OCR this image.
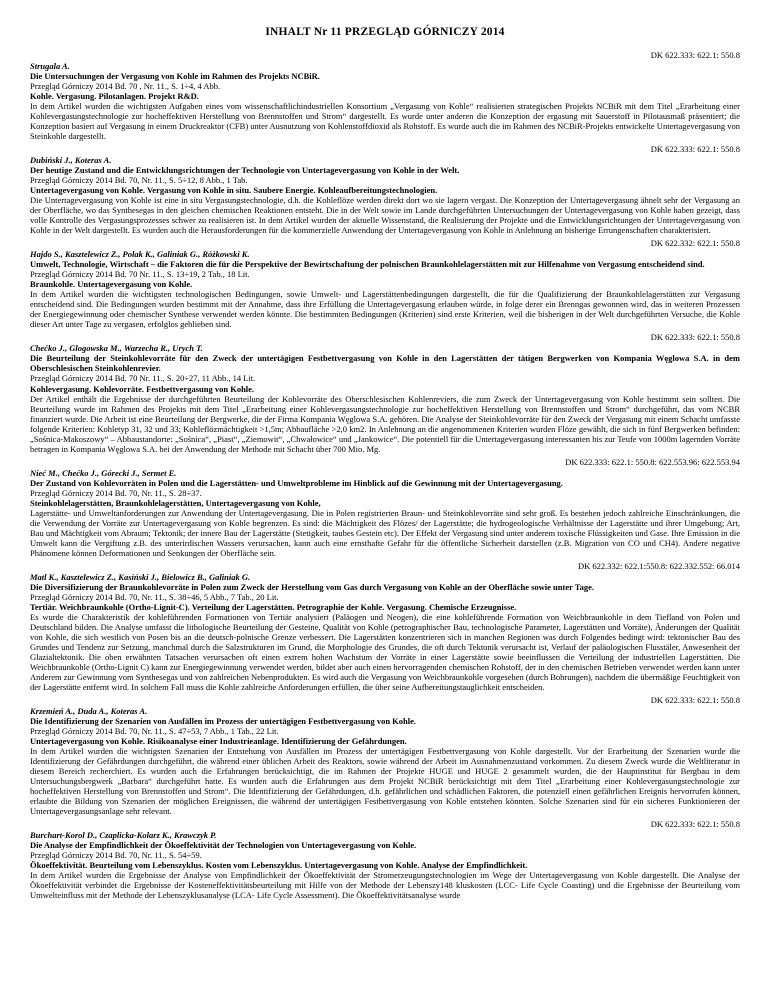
INHALT Nr 11 PRZEGLĄD GÓRNICZY 2014
DK 622.333: 622.1: 550.8
Strugala A.
Die Untersuchungen der Vergasung von Kohle im Rahmen des Projekts NCBiR.
Przegląd Górniczy 2014 Bd. 70 , Nr. 11., S. 1÷4, 4 Abb.
Kohle. Vergasung. Pilotanlagen. Projekt R&D.
In dem Artikel wurden die wichtigsten Aufgaben eines vom wissenschaftlichindustriellen Konsortium „Vergasung von Kohle“ realisierten strategischen Projekts NCBiR mit dem Titel „Erarbeitung einer Kohlevergasungstechnologie zur hocheffektiven Herstellung von Brennstoffen und Strom“ dargestellt. Es wurde unter anderen die Konzeption der ergasung mit Sauerstoff in Pilotausmaß präsentiert; die Konzeption basiert auf Vergasung in einem Druckreaktor (CFB) unter Ausnutzung von Kohlenstoffdioxid als Rohstoff. Es wurde auch die im Rahmen des NCBiR-Projekts entwickelte Untertagevergasung von Steinkohle dargestellt.
DK 622.333: 622.1: 550.8
Dubiński J., Koteras A.
Der heutige Zustand und die Entwicklungsrichtungen der Technologie von Untertagevergasung von Kohle in der Welt.
Przegląd Górniczy 2014 Bd. 70, Nr. 11., S. 5÷12, 8 Abb., 1 Tab.
Untertagevergasung von Kohle. Vergasung von Kohle in situ. Saubere Energie. Kohleaufbereitungstechnologien.
Die Untertagevergasung von Kohle ist eine in situ Vergasungstechnologie, d.h. die Kohleflöze werden direkt dort wo sie lagern vergast. Die Konzeption der Untertagevergasung ähnelt sehr der Vergasung an der Oberfläche, wo das Synthesegas in den gleichen chemischen Reaktionen entsteht. Die in der Welt sowie im Lande durchgeführten Untersuchungen der Untertagevergasung von Kohle haben gezeigt, dass volle Kontrolle des Vergasungsprozesses schwer zu realisieren ist. In dem Artikel wurden der aktuelle Wissenstand, die Realisierung der Projekte und die Entwicklungsrichtungen der Untertagevergasung von Kohle in der Welt dargestellt. Es wurden auch die Herausforderungen für die kommerzielle Anwendung der Untertagevergasung von Kohle in Anlehnung an bisherige Errungenschaften charakterisiert.
DK 622.332: 622.1: 550.8
Hajdo S., Kasztelewicz Z., Polak K., Galiniak G., Różkowski K.
Umwelt, Technologie, Wirtschaft – die Faktoren die für die Perspektive der Bewirtschaftung der polnischen Braunkohlelagerstätten mit zur Hilfenahme von Vergasung entscheidend sind.
Przegląd Górniczy 2014 Bd. 70 Nr. 11., S. 13÷19, 2 Tab., 18 Lit.
Braunkohle. Untertagevergasung von Kohle.
In dem Artikel wurden die wichtigsten technologischen Bedingungen, sowie Umwelt- und Lagerstättenbedingungen dargestellt, die für die Qualifizierung der Braunkohlelagerstätten zur Vergasung entscheidend sind. Die Bedingungen wurden bestimmt mit der Annahme, dass ihre Erfüllung die Untertagevergasung erlauben würde, in folge derer ein Brenngas gewonnen wird, das in weiteren Prozessen der Energiegewinnung oder chemischer Synthese verwendet werden könnte. Die bestimmten Bedingungen (Kriterien) sind erste Kriterien, weil die bisherigen in der Welt durchgeführten Versuche, die Kohle dieser Art unter Tage zu vergasen, erfolglos geblieben sind.
DK 622.333: 622.1: 550.8
Chećko J., Glogowska M., Warzecha R., Urych T.
Die Beurteilung der Steinkohlevorräte für den Zweck der untertägigen Festbettvergasung von Kohle in den Lagerstätten der tätigen Bergwerken von Kompania Węglowa S.A. in dem Oberschlesischen Steinkohlenrevier.
Przegląd Górniczy 2014 Bd. 70 Nr. 11., S. 20÷27, 11 Abb., 14 Lit.
Kohlevergasung. Kohlevorräte. Festbettvergasung von Kohle.
Der Artikel enthält die Ergebnisse der durchgeführten Beurteilung der Kohlevorräte des Oberschlesischen Kohlenreviers, die zum Zweck der Untertagevergasung von Kohle bestimmt sein sollten. Die Beurteilung wurde im Rahmen des Projekts mit dem Titel „Erarbeitung einer Kohlevergasungstechnologie zur hocheffektiven Herstellung von Brennstoffen und Strom“ durchgeführt, das vom NCBR finanziert wurde. Die Arbeit ist eine Beurteilung der Bergwerke, die der Firma Kompania Węglowa S.A. gehören. Die Analyse der Steinkohlevorräte für den Zweck der Vergasung mit einem Schacht umfasste folgende Kriterien: Kohletyp 31, 32 und 33; Kohleflözmächtigkeit >1,5m; Abbaufläche >2,0 km2. In Anlehnung an die angenommenen Kriterien wurden Flöze gewählt, die sich in fünf Bergwerken befinden: „Sośnica-Makoszowy“ – Abbaustandorte: „Sośnica“, „Piast“, „Ziemowit“, „Chwałowice“ und „Jankowice“. Die potentiell für die Untertagevergasung interessanten bis zur Teufe von 1000m lagernden Vorräte betragen in Kompania Węglowa S.A. bei der Anwendung der Methode mit Schacht über 700 Mio. Mg.
DK 622.333: 622.1: 550.8: 622.553.96: 622.553.94
Nieć M., Chećko J., Górecki J., Sermet E.
Der Zustand von Kohlevorräten in Polen und die Lagerstätten- und Umweltprobleme im Hinblick auf die Gewinnung mit der Untertagevergasung.
Przegląd Górniczy 2014 Bd. 70, Nr. 11., S. 28÷37.
Steinkohlelagerstätten, Braunkohlelagerstätten, Untertagevergasung von Kohle,
Lagerstätte- und Umweltanforderungen zur Anwendung der Untertagevergasung. Die in Polen registrierten Braun- und Steinkohlevorräte sind sehr groß. Es bestehen jedoch zahlreiche Einschränkungen, die die Verwendung der Vorräte zur Untertagevergasung von Kohle begrenzen. Es sind: die Mächtigkeit des Flözes/ der Lagerstätte; die hydrogeologische Verhältnisse der Lagerstätte und ihrer Umgebung; Art, Bau und Mächtigkeit vom Abraum; Tektonik; der innere Bau der Lagerstätte (Stetigkeit, taubes Gestein etc). Der Effekt der Vergasung sind unter anderem toxische Flüssigkeiten und Gase. Ihre Emission in die Umwelt kann die Vergiftung z.B. des unterirdischen Wassers verursachen, kann auch eine ernsthafte Gefahr für die öffentliche Sicherheit darstellen (z.B. Migration von CO und CH4). Andere negative Phänomene können Deformationen und Senkungen der Oberfläche sein.
DK 622.332: 622.1:550.8: 622.332.552: 66.014
Matl K., Kasztelewicz Z., Kasiński J., Bielowicz B., Galiniak G.
Die Diversifizierung der Braunkohlevorräte in Polen zum Zweck der Herstellung vom Gas durch Vergasung von Kohle an der Oberfläche sowie unter Tage.
Przegląd Górniczy 2014 Bd. 70, Nr. 11., S. 38÷46, 5 Abb., 7 Tab., 20 Lit.
Tertiär. Weichbraunkohle (Ortho-Lignit-C). Verteilung der Lagerstätten. Petrographie der Kohle. Vergasung. Chemische Erzeugnisse.
Es wurde die Charakteristik der kohleführenden Formationen von Tertiär analysiert (Paläogen und Neogen), die eine kohleführende Formation von Weichbraunkohle in dem Tiefland von Polen und Deutschland bilden. Die Analyse umfasst die lithologische Beurteilung der Gesteine, Qualität von Kohle (petrographischer Bau, technologische Parameter, Lagerstätten und Vorräte), Änderungen der Qualität von Kohle, die sich westlich von Posen bis an die deutsch-polnische Grenze verbessert. Die Lagerstätten konzentrieren sich in manchen Regionen was durch Folgendes bedingt wird: tektonischer Bau des Grundes und Tendenz zur Setzung, manchmal durch die Salzstrukturen im Grund, die Morphologie des Grundes, die oft durch Tektonik verursacht ist, Verlauf der paläologischen Flusstäler, Anwesenheit der Glazialtektonik. Die oben erwähnten Tatsachen verursachen oft einen extrem hohen Wachstum der Vorräte in einer Lagerstätte sowie beeinflussen die Verteilung der industriellen Lagerstätten. Die Weichbraunkohle (Ortho-Lignit C) kann zur Energiegewinnung verwendet werden, bildet aber auch einen hervorragenden chemischen Rohstoff, der in den chemischen Betrieben verwendet werden kann unter Anderem zur Gewinnung vom Synthesegas und von zahlreichen Nebenprodukten. Es wird auch die Vergasung von Weichbraunkohle vorgesehen (durch Bohrungen), nachdem die übermäßige Feuchtigkeit von der Lagerstätte entfernt wird. In solchem Fall muss die Kohle zahlreiche Anforderungen erfüllen, die über seine Aufbereitungstauglichkeit entscheiden.
DK 622.333: 622.1: 550.8
Krzemień A., Duda A., Koteras A.
Die Identifizierung der Szenarien von Ausfällen im Prozess der untertägigen Festbettvergasung von Kohle.
Przegląd Górniczy 2014 Bd. 70, Nr. 11., S. 47÷53, 7 Abb., 1 Tab., 22 Lit.
Untertagevergasung von Kohle. Risikoanalyse einer Industrieanlage. Identifizierung der Gefährdungen.
In dem Artikel wurden die wichtigsten Szenarien der Entstehung von Ausfällen im Prozess der untertägigen Festbettvergasung von Kohle dargestellt. Vor der Erarbeitung der Szenarien wurde die Identifizierung der Gefährdungen durchgeführt, die während einer üblichen Arbeit des Reaktors, sowie während der Arbeit im Ausnahmenzustand vorkommen. Zu diesem Zweck wurde die Weltliteratur in diesem Bereich recherchiert. Es wurden auch die Erfahrungen berücksichtigt, die im Rahmen der Projekte HUGE und HUGE 2 gesammelt wurden, die der Hauptinstitut für Bergbau in dem Untersuchungsbergwerk „Barbara“ durchgeführt hatte. Es wurden auch die Erfahrungen aus dem Projekt NCBiR berücksichtigt mit dem Titel „Erarbeitung einer Kohlevergasungstechnologie zur hocheffektiven Herstellung von Brennstoffen und Strom“. Die Identifizierung der Gefährdungen, d.h. gefährlichen und schädlichen Faktoren, die potenziell einen gefährlichen Ereignis hervorrufen können, erlaubte die Bildung von Szenarien der möglichen Ereignissen, die während der untertägigen Festbettvergasung von Kohle entstehen könnten. Solche Szenarien sind für ein sicheres Funktionieren der Untertagevergasungsanlage sehr relevant.
DK 622.333: 622.1: 550.8
Burchart-Korol D., Czaplicka-Kolarz K., Krawczyk P.
Die Analyse der Empfindlichkeit der Ökoeffektivität der Technologien von Untertagevergasung von Kohle.
Przegląd Górniczy 2014 Bd. 70, Nr. 11., S. 54÷59.
Ökoeffektivität. Beurteilung vom Lebenszyklus. Kosten vom Lebenszyklus. Untertagevergasung von Kohle. Analyse der Empfindlichkeit.
In dem Artikel wurden die Ergebnisse der Analyse von Empfindlichkeit der Ökoeffektivität der Stromerzeugungstechnologien im Wege der Untertagevergasung von Kohle dargestellt. Die Analyse der Ökoeffektivität verbindet die Ergebnisse der Kosteneffektivitätsbeurteilung mit Hilfe von der Methode der Lebenszy148 kluskosten (LCC- Life Cycle Coasting) und die Ergebnisse der Beurteilung vom Umwelteinfluss mit der Methode der Lebenszyklusanalyse (LCA- Life Cycle Assessment). Die Ökoeffektivitätsanalyse wurde
